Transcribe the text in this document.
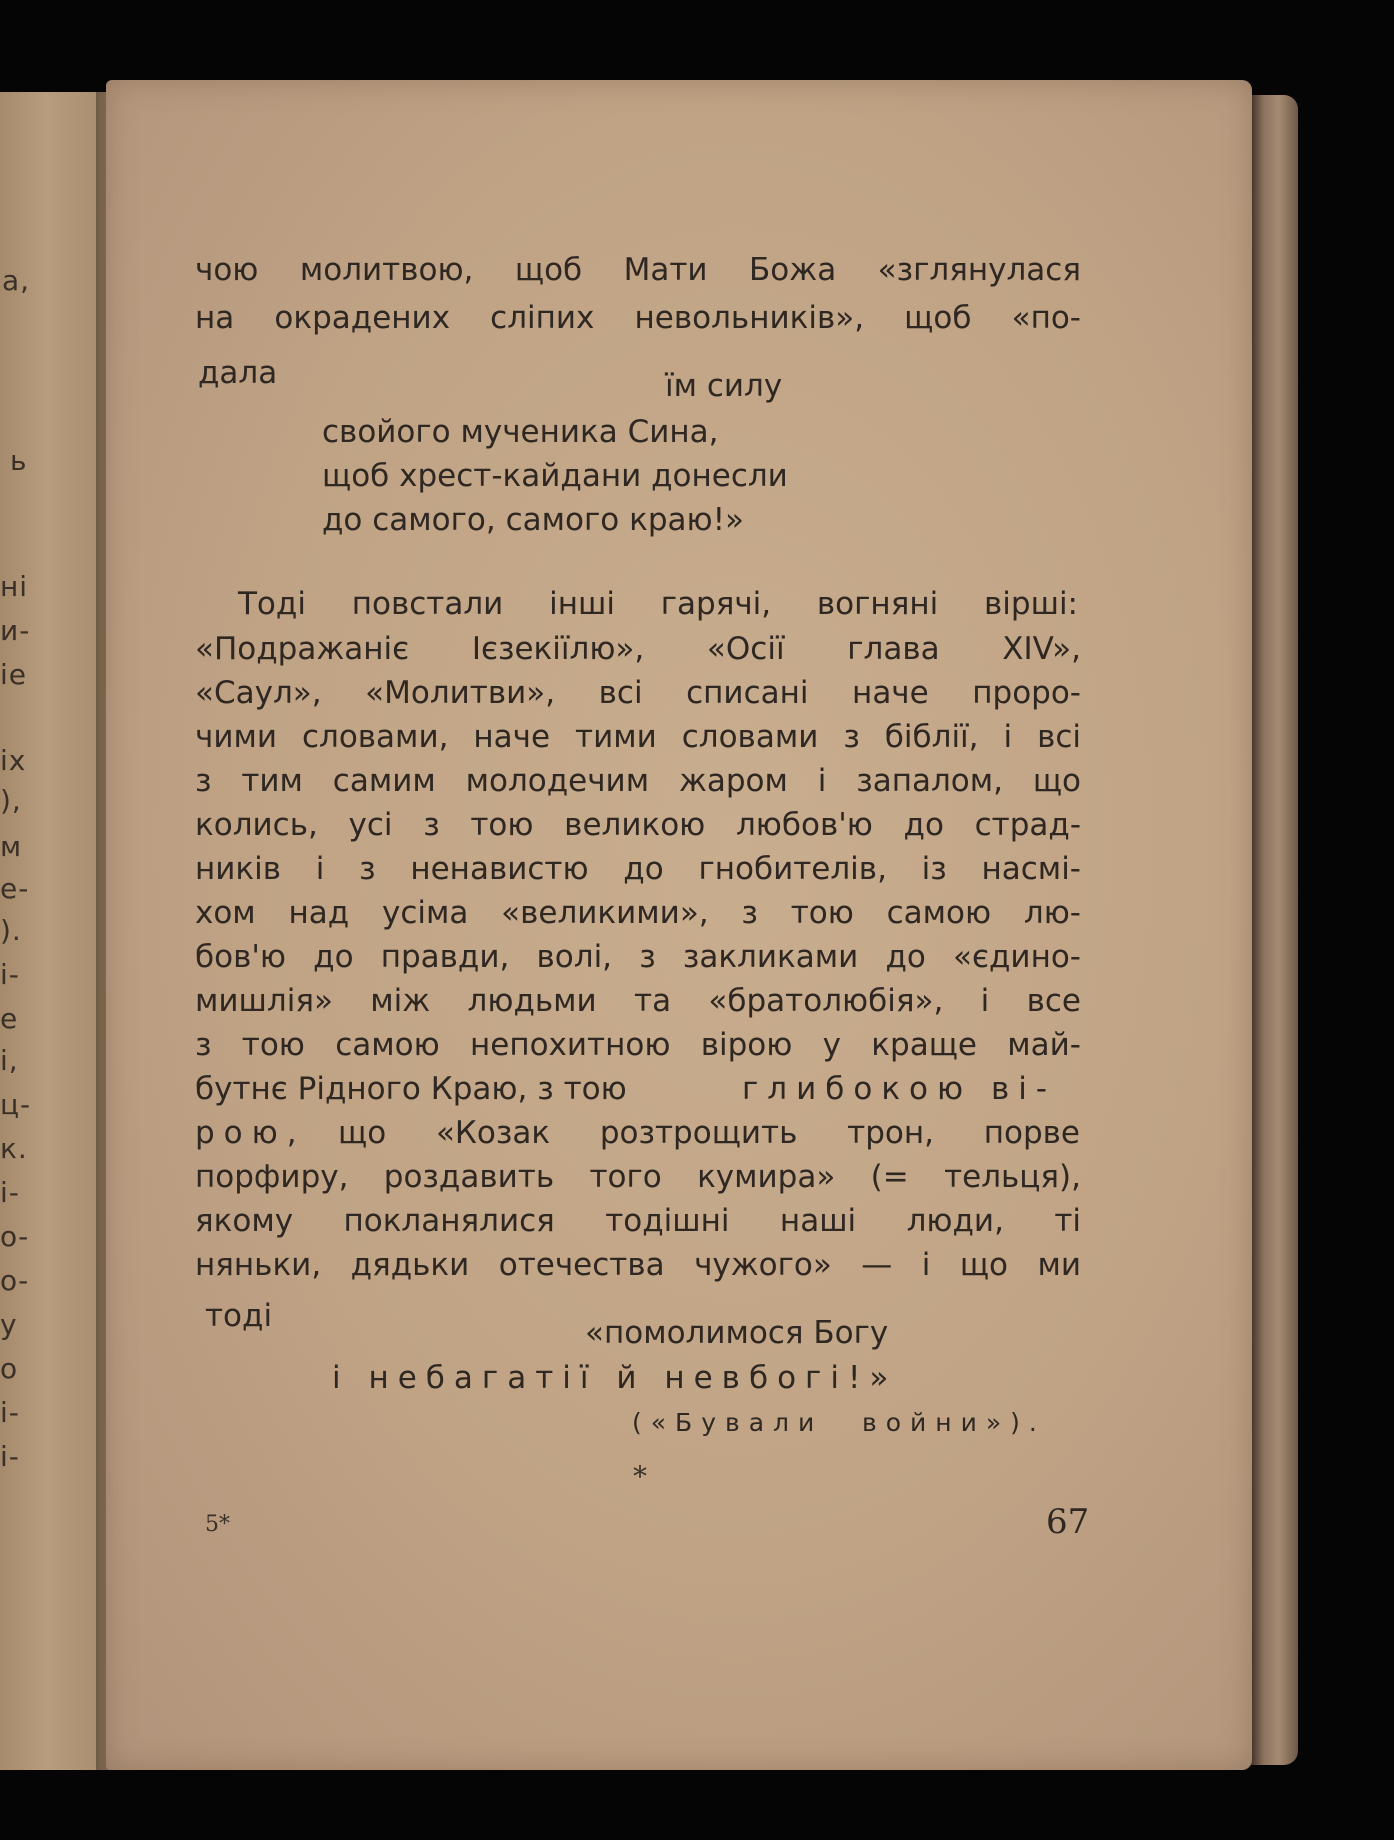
а,
ь
ні
и-
іе
іх
),
м
е-
).
і-
е
і,
ц-
к.
і-
о-
о-
у
о
і-
і-
чою молитвою, щоб Мати Божа «зглянулася
на окрадених сліпих невольників», щоб «по-
дала	їм силу
свойого мученика Сина,
щоб хрест-кайдани донесли
до самого, самого краю!»
Тоді повстали інші гарячі, вогняні вірші:
«Подражаніє Ієзекіїлю», «Осії глава XIV»,
«Саул», «Молитви», всі списані наче проро-
чими словами, наче тими словами з біблії, і всі
з тим самим молодечим жаром і запалом, що
колись, усі з тою великою любов'ю до страд-
ників і з ненавистю до гнобителів, із насмі-
хом над усіма «великими», з тою самою лю-
бов'ю до правди, волі, з закликами до «єдино-
мишлія» між людьми та «братолюбія», і все
з тою самою непохитною вірою у краще май-
бутнє Рідного Краю, з тою	глибокою ві-
рою, що «Козак розтрощить трон, порве
порфиру, роздавить того кумира» (= тельця),
якому покланялися тодішні наші люди, ті
няньки, дядьки отечества чужого» — і що ми
тоді	«помолимося Богу
і небагатії й невбогі!»
(«Бували войни»).
*
5*	67
